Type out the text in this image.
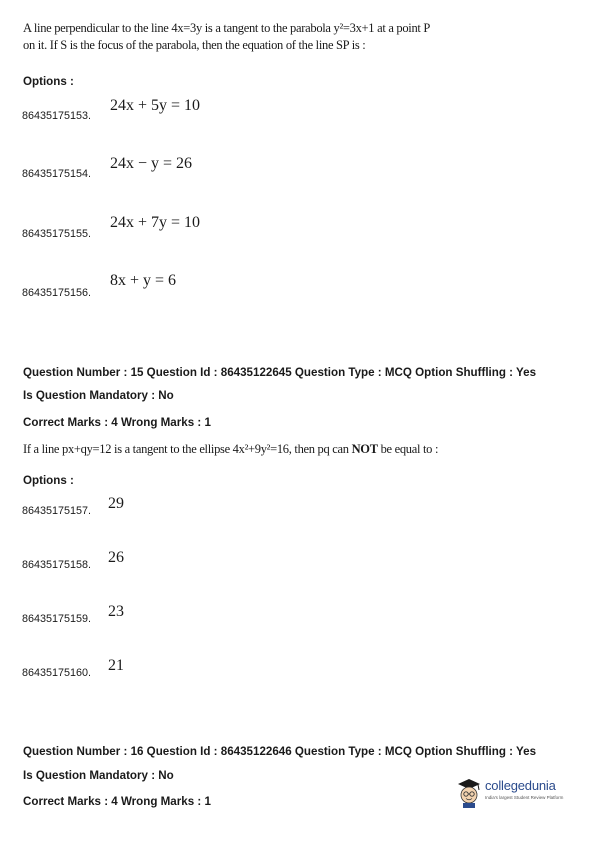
A line perpendicular to the line 4x=3y is a tangent to the parabola y²=3x+1 at a point P
on it. If S is the focus of the parabola, then the equation of the line SP is :
Options :
86435175153.
24x + 5y = 10
86435175154.
24x − y = 26
86435175155.
24x + 7y = 10
86435175156.
8x + y = 6
Question Number : 15 Question Id : 86435122645 Question Type : MCQ Option Shuffling : Yes
Is Question Mandatory : No
Correct Marks : 4 Wrong Marks : 1
If a line px+qy=12 is a tangent to the ellipse 4x²+9y²=16, then pq can NOT be equal to :
Options :
86435175157. 29
86435175158. 26
86435175159. 23
86435175160. 21
Question Number : 16 Question Id : 86435122646 Question Type : MCQ Option Shuffling : Yes
Is Question Mandatory : No
Correct Marks : 4 Wrong Marks : 1
collegedunia
India's largest Student Review Platform
